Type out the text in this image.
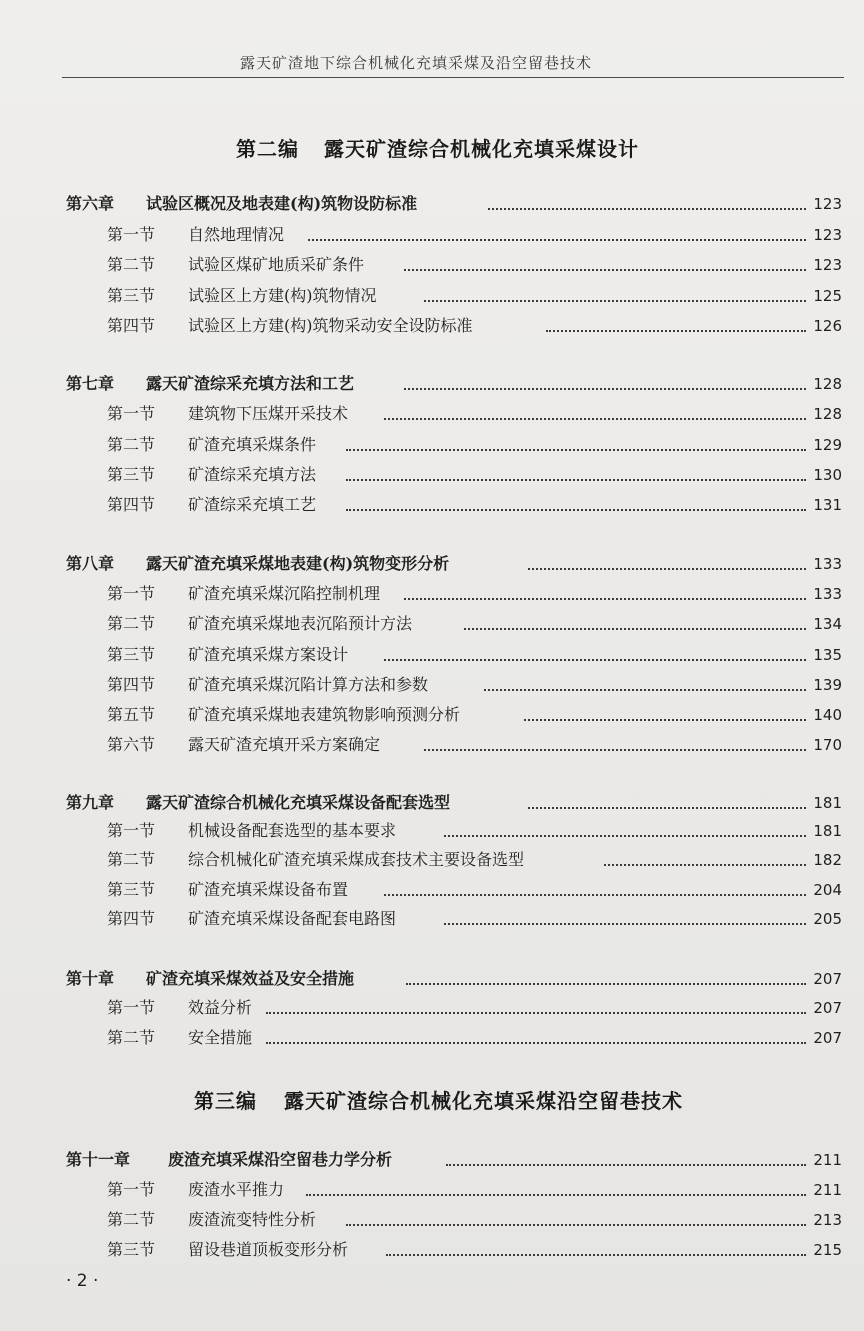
露天矿渣地下综合机械化充填采煤及沿空留巷技术
第二编 露天矿渣综合机械化充填采煤设计
第六章 试验区概况及地表建(构)筑物设防标准	123
第一节 自然地理情况	123
第二节 试验区煤矿地质采矿条件	123
第三节 试验区上方建(构)筑物情况	125
第四节 试验区上方建(构)筑物采动安全设防标准	126
第七章 露天矿渣综采充填方法和工艺	128
第一节 建筑物下压煤开采技术	128
第二节 矿渣充填采煤条件	129
第三节 矿渣综采充填方法	130
第四节 矿渣综采充填工艺	131
第八章 露天矿渣充填采煤地表建(构)筑物变形分析	133
第一节 矿渣充填采煤沉陷控制机理	133
第二节 矿渣充填采煤地表沉陷预计方法	134
第三节 矿渣充填采煤方案设计	135
第四节 矿渣充填采煤沉陷计算方法和参数	139
第五节 矿渣充填采煤地表建筑物影响预测分析	140
第六节 露天矿渣充填开采方案确定	170
第九章 露天矿渣综合机械化充填采煤设备配套选型	181
第一节 机械设备配套选型的基本要求	181
第二节 综合机械化矿渣充填采煤成套技术主要设备选型	182
第三节 矿渣充填采煤设备布置	204
第四节 矿渣充填采煤设备配套电路图	205
第十章 矿渣充填采煤效益及安全措施	207
第一节 效益分析	207
第二节 安全措施	207
第三编 露天矿渣综合机械化充填采煤沿空留巷技术
第十一章 废渣充填采煤沿空留巷力学分析	211
第一节 废渣水平推力	211
第二节 废渣流变特性分析	213
第三节 留设巷道顶板变形分析	215
· 2 ·
